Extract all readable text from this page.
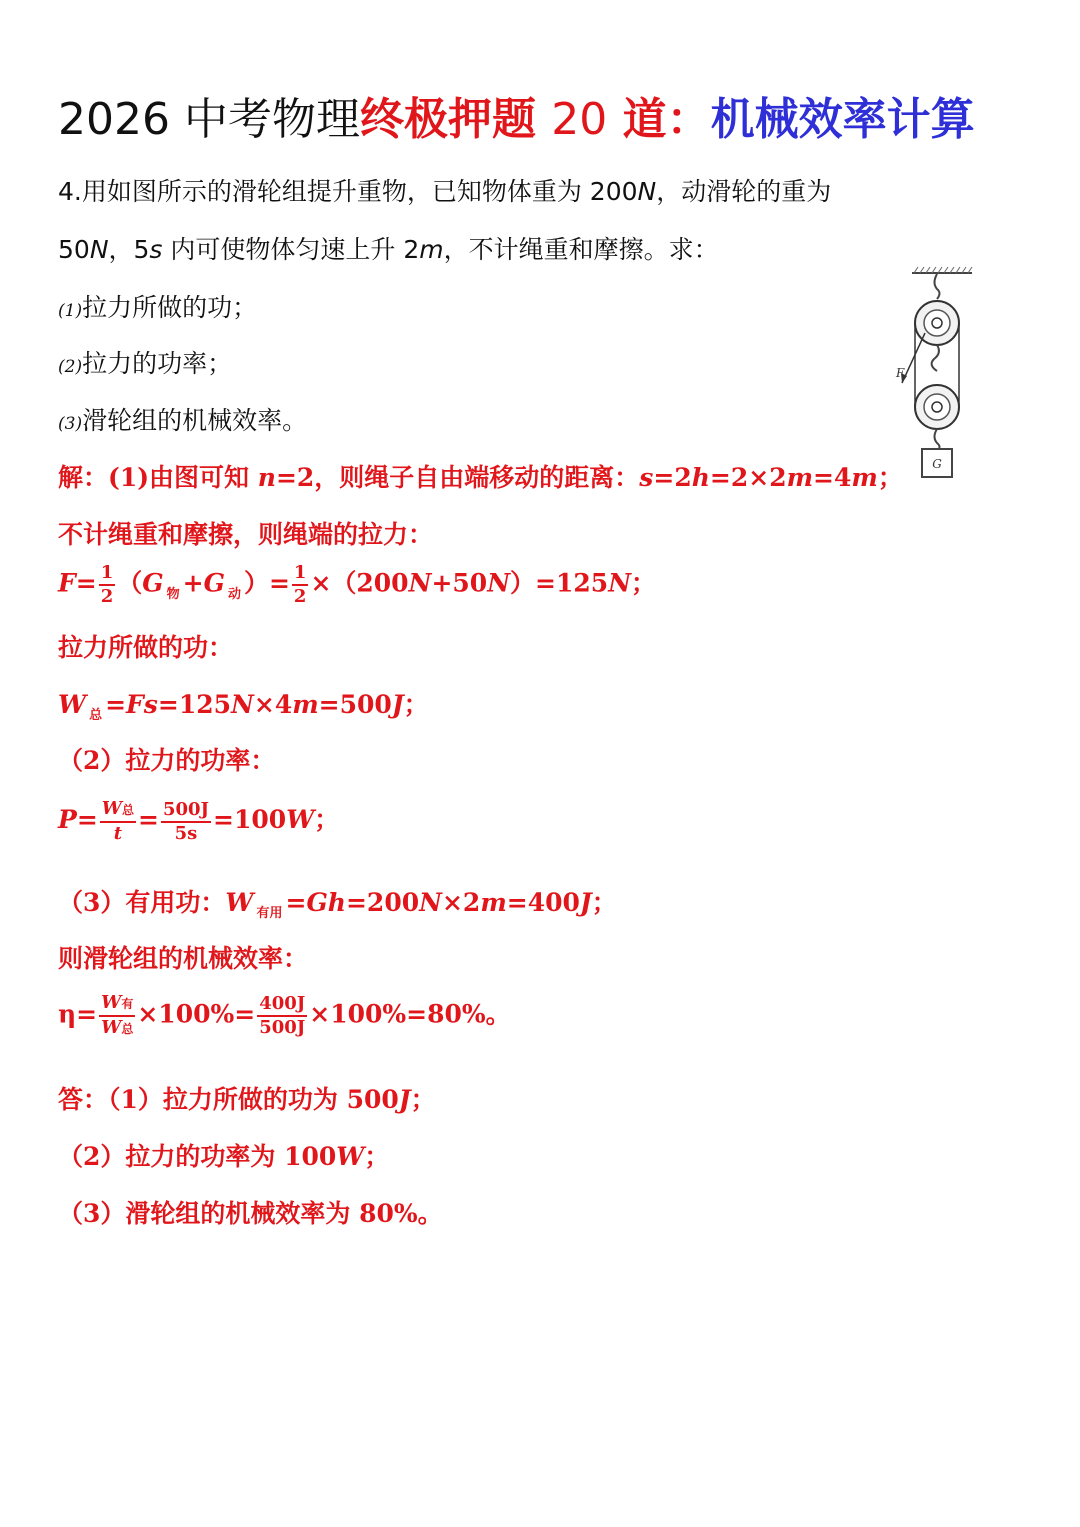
2026 中考物理终极押题 20 道：机械效率计算
4.用如图所示的滑轮组提升重物，已知物体重为 200N，动滑轮的重为
50N，5s 内可使物体匀速上升 2m，不计绳重和摩擦。求：
(1)拉力所做的功；
(2)拉力的功率；
(3)滑轮组的机械效率。
F
G
解：(1)由图可知 n=2，则绳子自由端移动的距离：s=2h=2×2m=4m；
不计绳重和摩擦，则绳端的拉力：
$F= \frac{1}{2} (G$ $_物$ +G $_动$ ）= $\frac{1}{2} \times(200N+50N)=125N$；
拉力所做的功：
W $_总$ =Fs=125N×4m=500J；
（2）拉力的功率：
$P= \frac{\text{W总}}{t} = \frac{500J}{5s} =100W$；
（3）有用功：W $_{有用}$ =Gh=200N×2m=400J；
则滑轮组的机械效率：
$\eta= \frac{\text{W有}}{\text{W总}} \times 100\%= \frac{400J}{500J} \times 100\%=80\%$。
答：（1）拉力所做的功为 500J；
（2）拉力的功率为 100W；
（3）滑轮组的机械效率为 80%。
